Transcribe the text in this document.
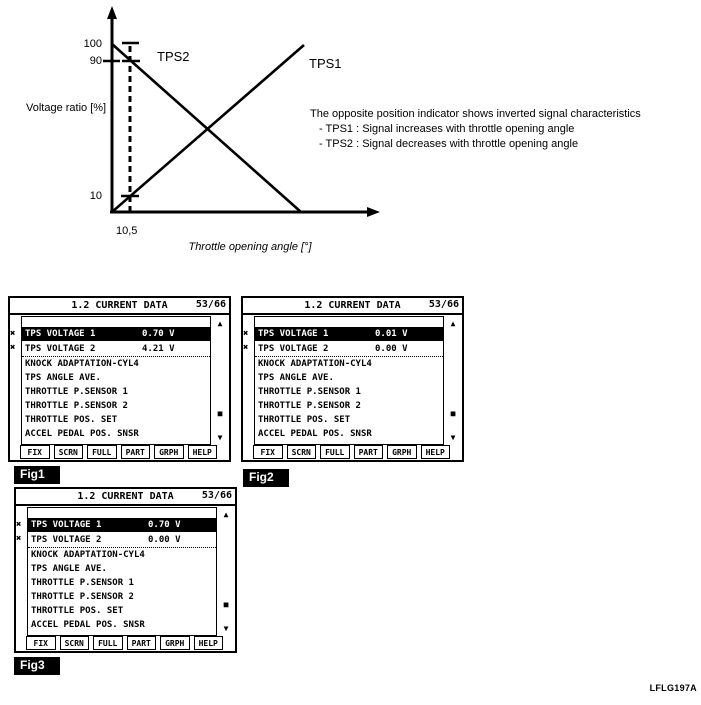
100
90
10
Voltage ratio [%]
10,5
Throttle opening angle [°]
TPS2	TPS1
The opposite position indicator shows inverted signal characteristics
- TPS1 : Signal increases with throttle opening angle
- TPS2 : Signal decreases with throttle opening angle
1.2 CURRENT DATA	53/66
✖
✖
TPS VOLTAGE 1	0.70 V
TPS VOLTAGE 2	4.21 V
KNOCK ADAPTATION-CYL4
TPS ANGLE AVE.
THROTTLE P.SENSOR 1
THROTTLE P.SENSOR 2
THROTTLE POS. SET
ACCEL PEDAL POS. SNSR
▲
■
▼
FIX	SCRN	FULL	PART	GRPH	HELP
Fig1
1.2 CURRENT DATA	53/66
✖
✖
TPS VOLTAGE 1	0.01 V
TPS VOLTAGE 2	0.00 V
KNOCK ADAPTATION-CYL4
TPS ANGLE AVE.
THROTTLE P.SENSOR 1
THROTTLE P.SENSOR 2
THROTTLE POS. SET
ACCEL PEDAL POS. SNSR
▲
■
▼
FIX	SCRN	FULL	PART	GRPH	HELP
Fig2
1.2 CURRENT DATA	53/66
✖
✖
TPS VOLTAGE 1	0.70 V
TPS VOLTAGE 2	0.00 V
KNOCK ADAPTATION-CYL4
TPS ANGLE AVE.
THROTTLE P.SENSOR 1
THROTTLE P.SENSOR 2
THROTTLE POS. SET
ACCEL PEDAL POS. SNSR
▲
■
▼
FIX	SCRN	FULL	PART	GRPH	HELP
Fig3
LFLG197A
